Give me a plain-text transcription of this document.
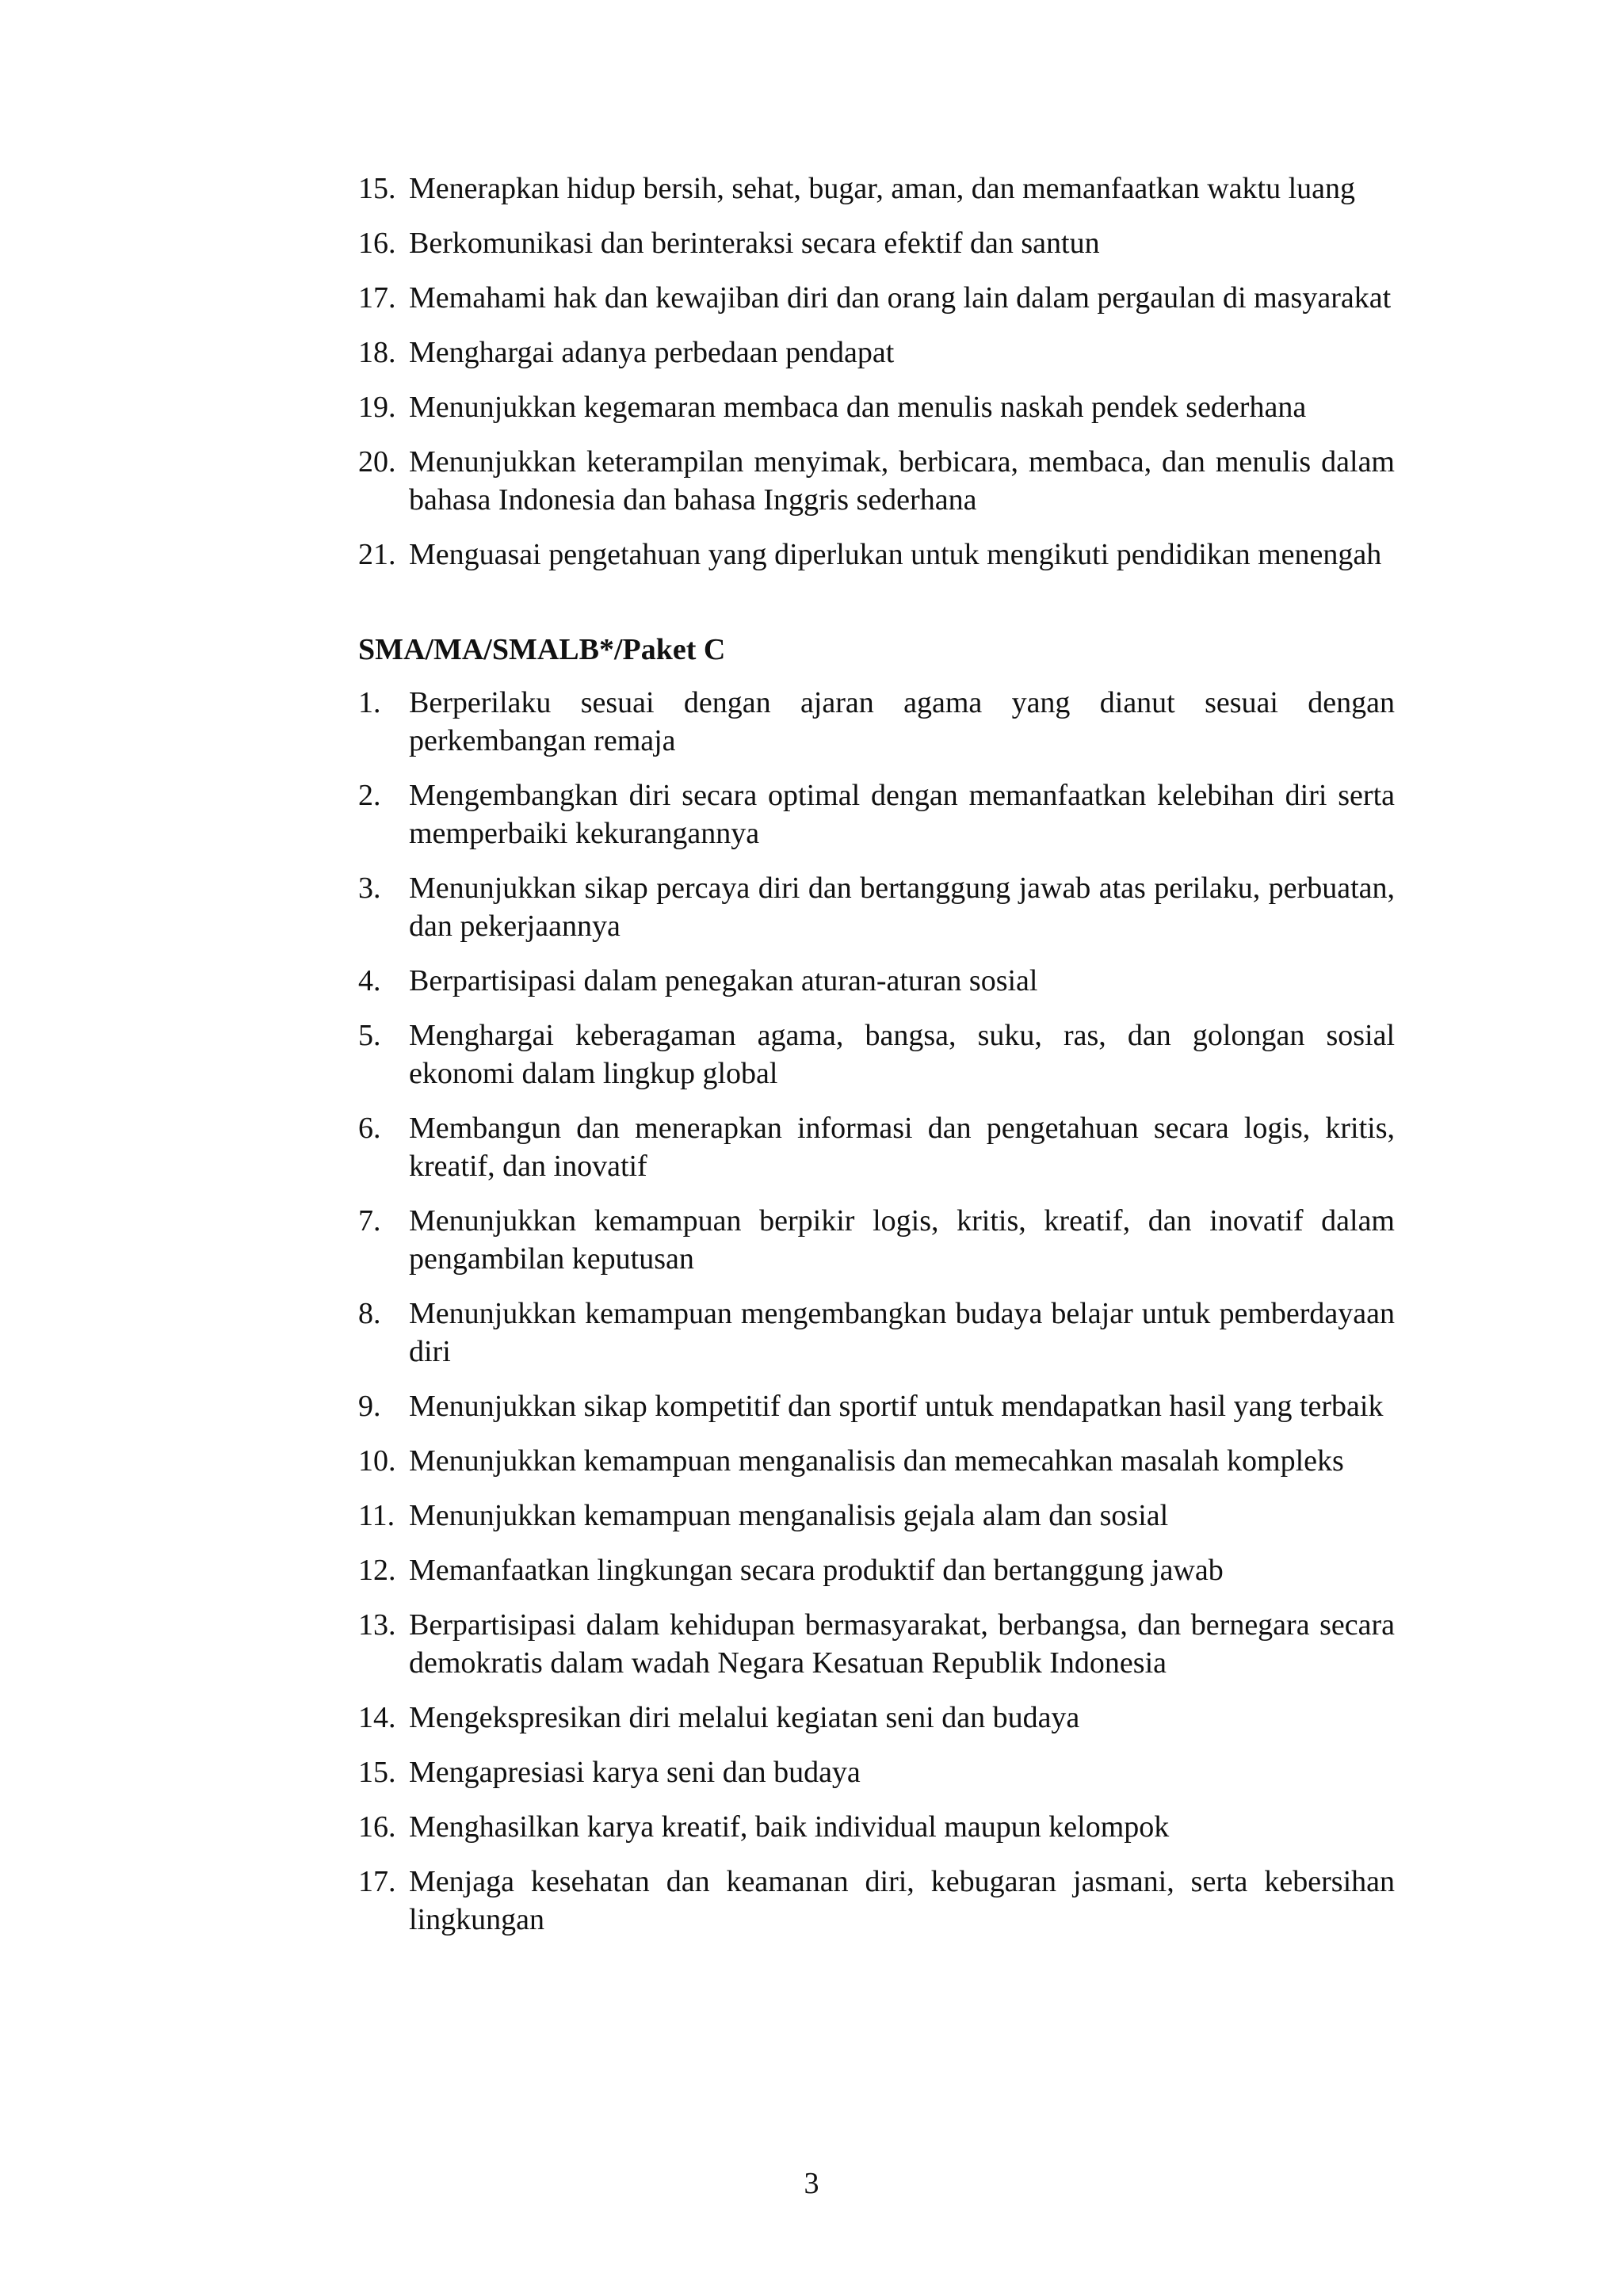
15. Menerapkan hidup bersih, sehat, bugar, aman, dan memanfaatkan waktu luang
16. Berkomunikasi dan berinteraksi secara efektif dan santun
17. Memahami hak dan kewajiban diri dan orang lain dalam pergaulan di masyarakat
18. Menghargai adanya perbedaan pendapat
19. Menunjukkan kegemaran membaca dan menulis naskah pendek sederhana
20. Menunjukkan keterampilan menyimak, berbicara, membaca, dan menulis dalam bahasa Indonesia dan bahasa Inggris sederhana
21. Menguasai pengetahuan yang diperlukan untuk mengikuti pendidikan menengah
SMA/MA/SMALB*/Paket C
1. Berperilaku sesuai dengan ajaran agama yang dianut sesuai dengan perkembangan remaja
2. Mengembangkan diri secara optimal dengan memanfaatkan kelebihan diri serta memperbaiki kekurangannya
3. Menunjukkan sikap percaya diri dan bertanggung jawab atas perilaku, perbuatan, dan pekerjaannya
4. Berpartisipasi dalam penegakan aturan-aturan sosial
5. Menghargai keberagaman agama, bangsa, suku, ras, dan golongan sosial ekonomi dalam lingkup global
6. Membangun dan menerapkan informasi dan pengetahuan secara logis, kritis, kreatif, dan inovatif
7. Menunjukkan kemampuan berpikir logis, kritis, kreatif, dan inovatif dalam pengambilan keputusan
8. Menunjukkan kemampuan mengembangkan budaya belajar untuk pemberdayaan diri
9. Menunjukkan sikap kompetitif dan sportif untuk mendapatkan hasil yang terbaik
10. Menunjukkan kemampuan menganalisis dan memecahkan masalah kompleks
11. Menunjukkan kemampuan menganalisis gejala alam dan sosial
12. Memanfaatkan lingkungan secara produktif dan bertanggung jawab
13. Berpartisipasi dalam kehidupan bermasyarakat, berbangsa, dan bernegara secara demokratis dalam wadah Negara Kesatuan Republik Indonesia
14. Mengekspresikan diri melalui kegiatan seni dan budaya
15. Mengapresiasi karya seni dan budaya
16. Menghasilkan karya kreatif, baik individual maupun kelompok
17. Menjaga kesehatan dan keamanan diri, kebugaran jasmani, serta kebersihan lingkungan
3
